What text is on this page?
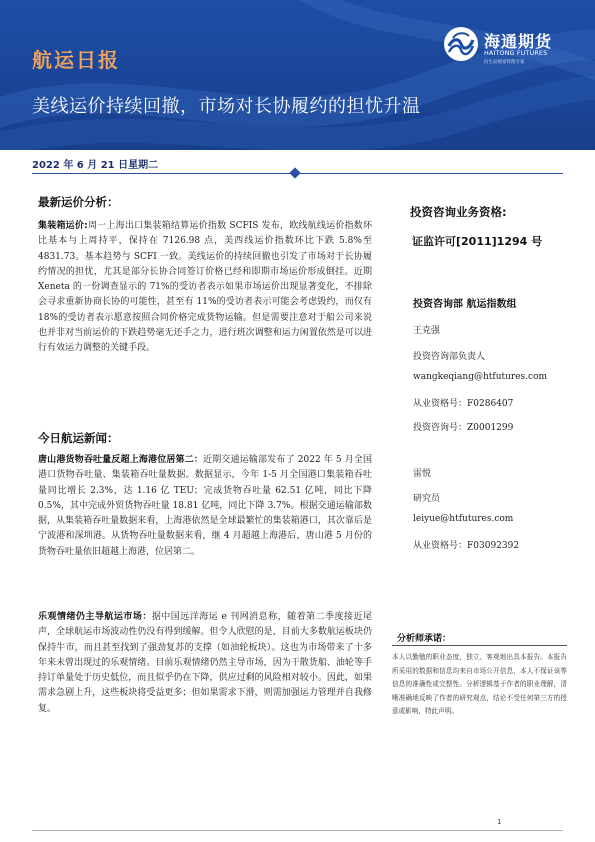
航运日报
美线运价持续回撤，市场对长协履约的担忧升温
海通期货
HAITONG FUTURES
衍生品财富管理专家
2022 年 6 月 21 日星期二
最新运价分析：
集装箱运价:周一上海出口集装箱结算运价指数 SCFIS 发布，欧线航线运价指数环比基本与上周持平，保持在 7126.98 点，美西线运价指数环比下跌 5.8%至 4831.73。基本趋势与 SCFI 一致。美线运价的持续回撤也引发了市场对于长协履约情况的担忧，尤其是部分长协合同签订价格已经和即期市场运价形成倒挂。近期 Xeneta 的一份调查显示的 71%的受访者表示如果市场运价出现显著变化，不排除会寻求重新协商长协的可能性，甚至有 11%的受访者表示可能会考虑毁约，而仅有 18%的受访者表示愿意按照合同价格完成货物运输。但是需要注意对于船公司来说也并非对当前运价的下跌趋势毫无还手之力，进行班次调整和运力闲置依然是可以进行有效运力调整的关键手段。
今日航运新闻：
唐山港货物吞吐量反超上海港位居第二：近期交通运输部发布了 2022 年 5 月全国港口货物吞吐量、集装箱吞吐量数据。数据显示，今年 1-5 月全国港口集装箱吞吐量同比增长 2.3%，达 1.16 亿 TEU；完成货物吞吐量 62.51 亿吨，同比下降 0.5%，其中完成外贸货物吞吐量 18.81 亿吨，同比下降 3.7%。根据交通运输部数据，从集装箱吞吐量数据来看，上海港依然是全球最繁忙的集装箱港口，其次靠后是宁波港和深圳港。从货物吞吐量数据来看，继 4 月超越上海港后，唐山港 5 月份的货物吞吐量依旧超越上海港，位居第二。
乐观情绪仍主导航运市场：据中国远洋海运 e 刊网消息称，随着第二季度接近尾声，全球航运市场波动性仍没有得到缓解。但令人欣慰的是，目前大多数航运板块仍保持牛市，而且甚至找到了强劲复苏的支撑（如油轮板块）。这也为市场带来了十多年来未曾出现过的乐观情绪。目前乐观情绪仍然主导市场，因为干散货船、油轮等手持订单量处于历史低位，而且似乎仍在下降，供应过剩的风险相对较小。因此，如果需求急剧上升，这些板块将受益更多；但如果需求下滑，则需加强运力管理并自我修复。
投资咨询业务资格:
证监许可[2011]1294 号
投资咨询部 航运指数组
王克强
投资咨询部负责人
wangkeqiang@htfutures.com
从业资格号：F0286407
投资咨询号：Z0001299
雷悦
研究员
leiyue@htfutures.com
从业资格号：F03092392
分析师承诺：
本人以勤勉的职业态度，独立、客观地出具本报告。本报告所采用的数据和信息均来自市场公开信息，本人不保证该等信息的准确性或完整性。分析逻辑基于作者的职业理解，清晰准确地反映了作者的研究观点，结论不受任何第三方的授意或影响，特此声明。
1
